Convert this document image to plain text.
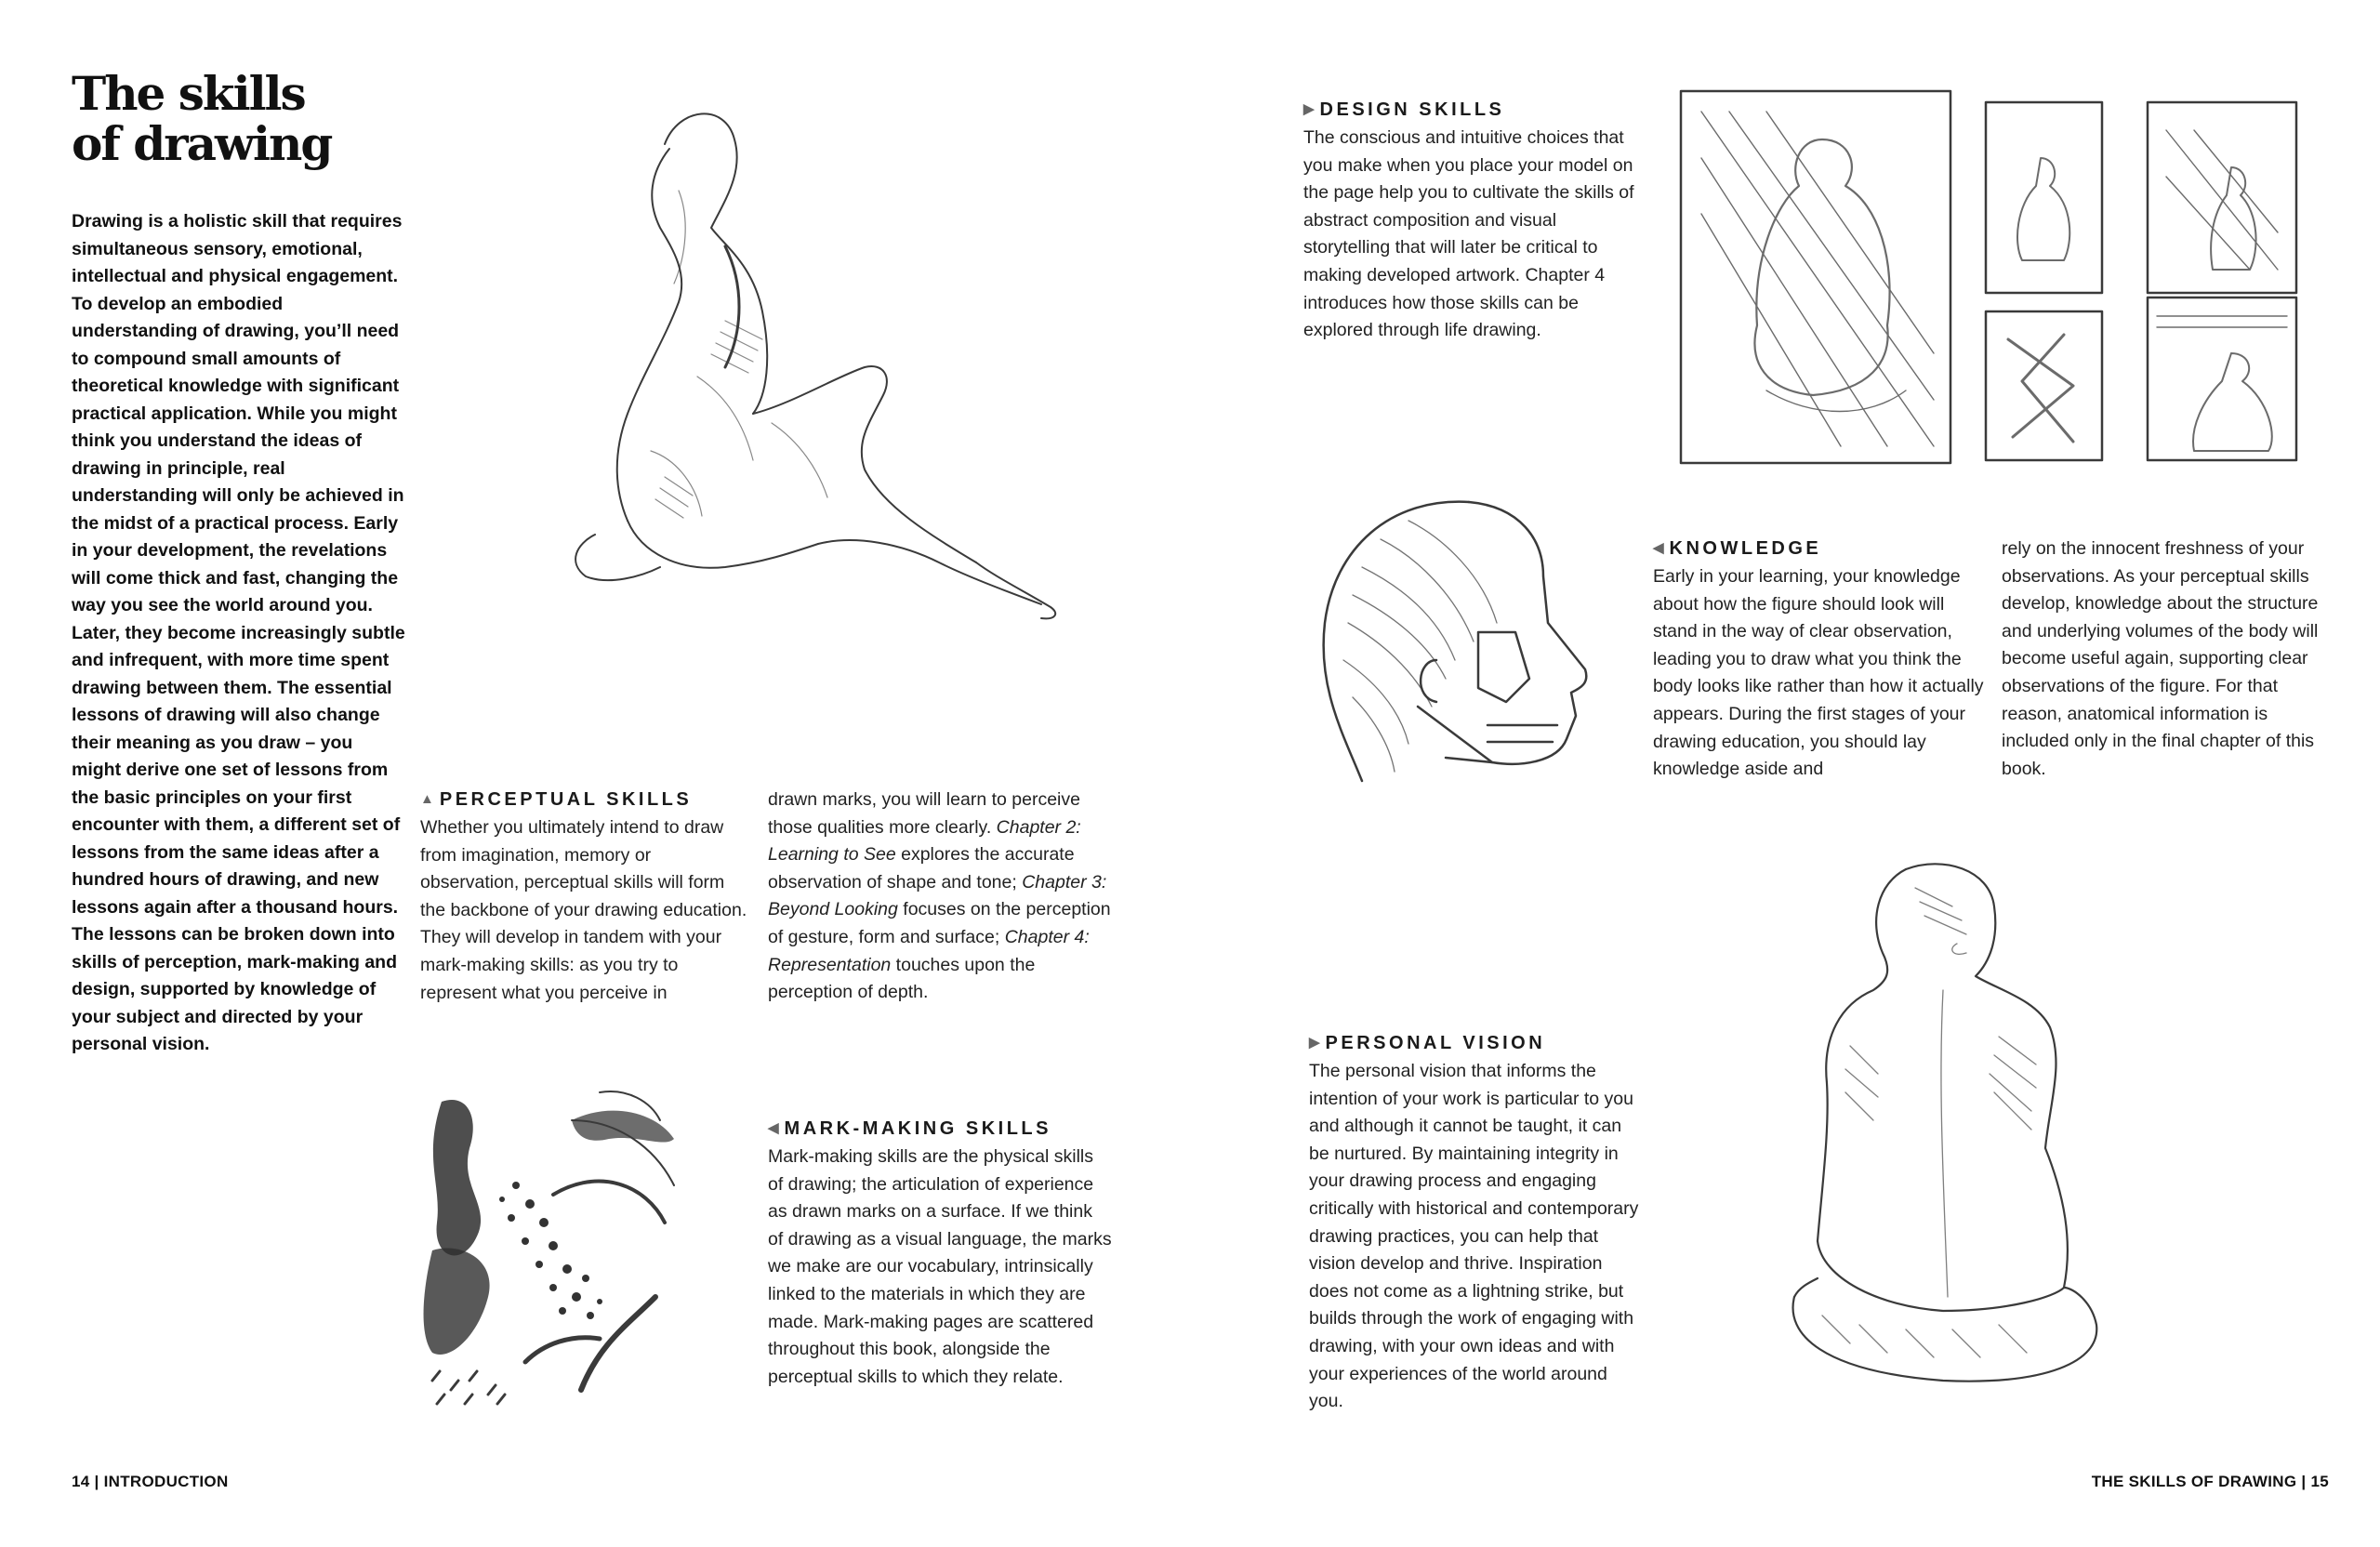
The skills
of drawing
Drawing is a holistic skill that requires simultaneous sensory, emotional, intellectual and physical engagement. To develop an embodied understanding of drawing, you’ll need to compound small amounts of theoretical knowledge with significant practical application. While you might think you understand the ideas of drawing in principle, real understanding will only be achieved in the midst of a practical process. Early in your development, the revelations will come thick and fast, changing the way you see the world around you. Later, they become increasingly subtle and infrequent, with more time spent drawing between them. The essential lessons of drawing will also change their meaning as you draw – you might derive one set of lessons from the basic principles on your first encounter with them, a different set of lessons from the same ideas after a hundred hours of drawing, and new lessons again after a thousand hours. The lessons can be broken down into skills of perception, mark-making and design, supported by knowledge of your subject and directed by your personal vision.
▲ PERCEPTUAL SKILLS
Whether you ultimately intend to draw from imagination, memory or observation, perceptual skills will form the backbone of your drawing education. They will develop in tandem with your mark-making skills: as you try to represent what you perceive in
drawn marks, you will learn to perceive those qualities more clearly. Chapter 2: Learning to See explores the accurate observation of shape and tone; Chapter 3: Beyond Looking focuses on the perception of gesture, form and surface; Chapter 4: Representation touches upon the perception of depth.
◀ MARK-MAKING SKILLS
Mark-making skills are the physical skills of drawing; the articulation of experience as drawn marks on a surface. If we think of drawing as a visual language, the marks we make are our vocabulary, intrinsically linked to the materials in which they are made. Mark-making pages are scattered throughout this book, alongside the perceptual skills to which they relate.
14 | INTRODUCTION
▶ DESIGN SKILLS
The conscious and intuitive choices that you make when you place your model on the page help you to cultivate the skills of abstract composition and visual storytelling that will later be critical to making developed artwork. Chapter 4 introduces how those skills can be explored through life drawing.
◀ KNOWLEDGE
Early in your learning, your knowledge about how the figure should look will stand in the way of clear observation, leading you to draw what you think the body looks like rather than how it actually appears. During the first stages of your drawing education, you should lay knowledge aside and
rely on the innocent freshness of your observations. As your perceptual skills develop, knowledge about the structure and underlying volumes of the body will become useful again, supporting clear observations of the figure. For that reason, anatomical information is included only in the final chapter of this book.
▶ PERSONAL VISION
The personal vision that informs the intention of your work is particular to you and although it cannot be taught, it can be nurtured. By maintaining integrity in your drawing process and engaging critically with historical and contemporary drawing practices, you can help that vision develop and thrive. Inspiration does not come as a lightning strike, but builds through the work of engaging with drawing, with your own ideas and with your experiences of the world around you.
THE SKILLS OF DRAWING | 15
